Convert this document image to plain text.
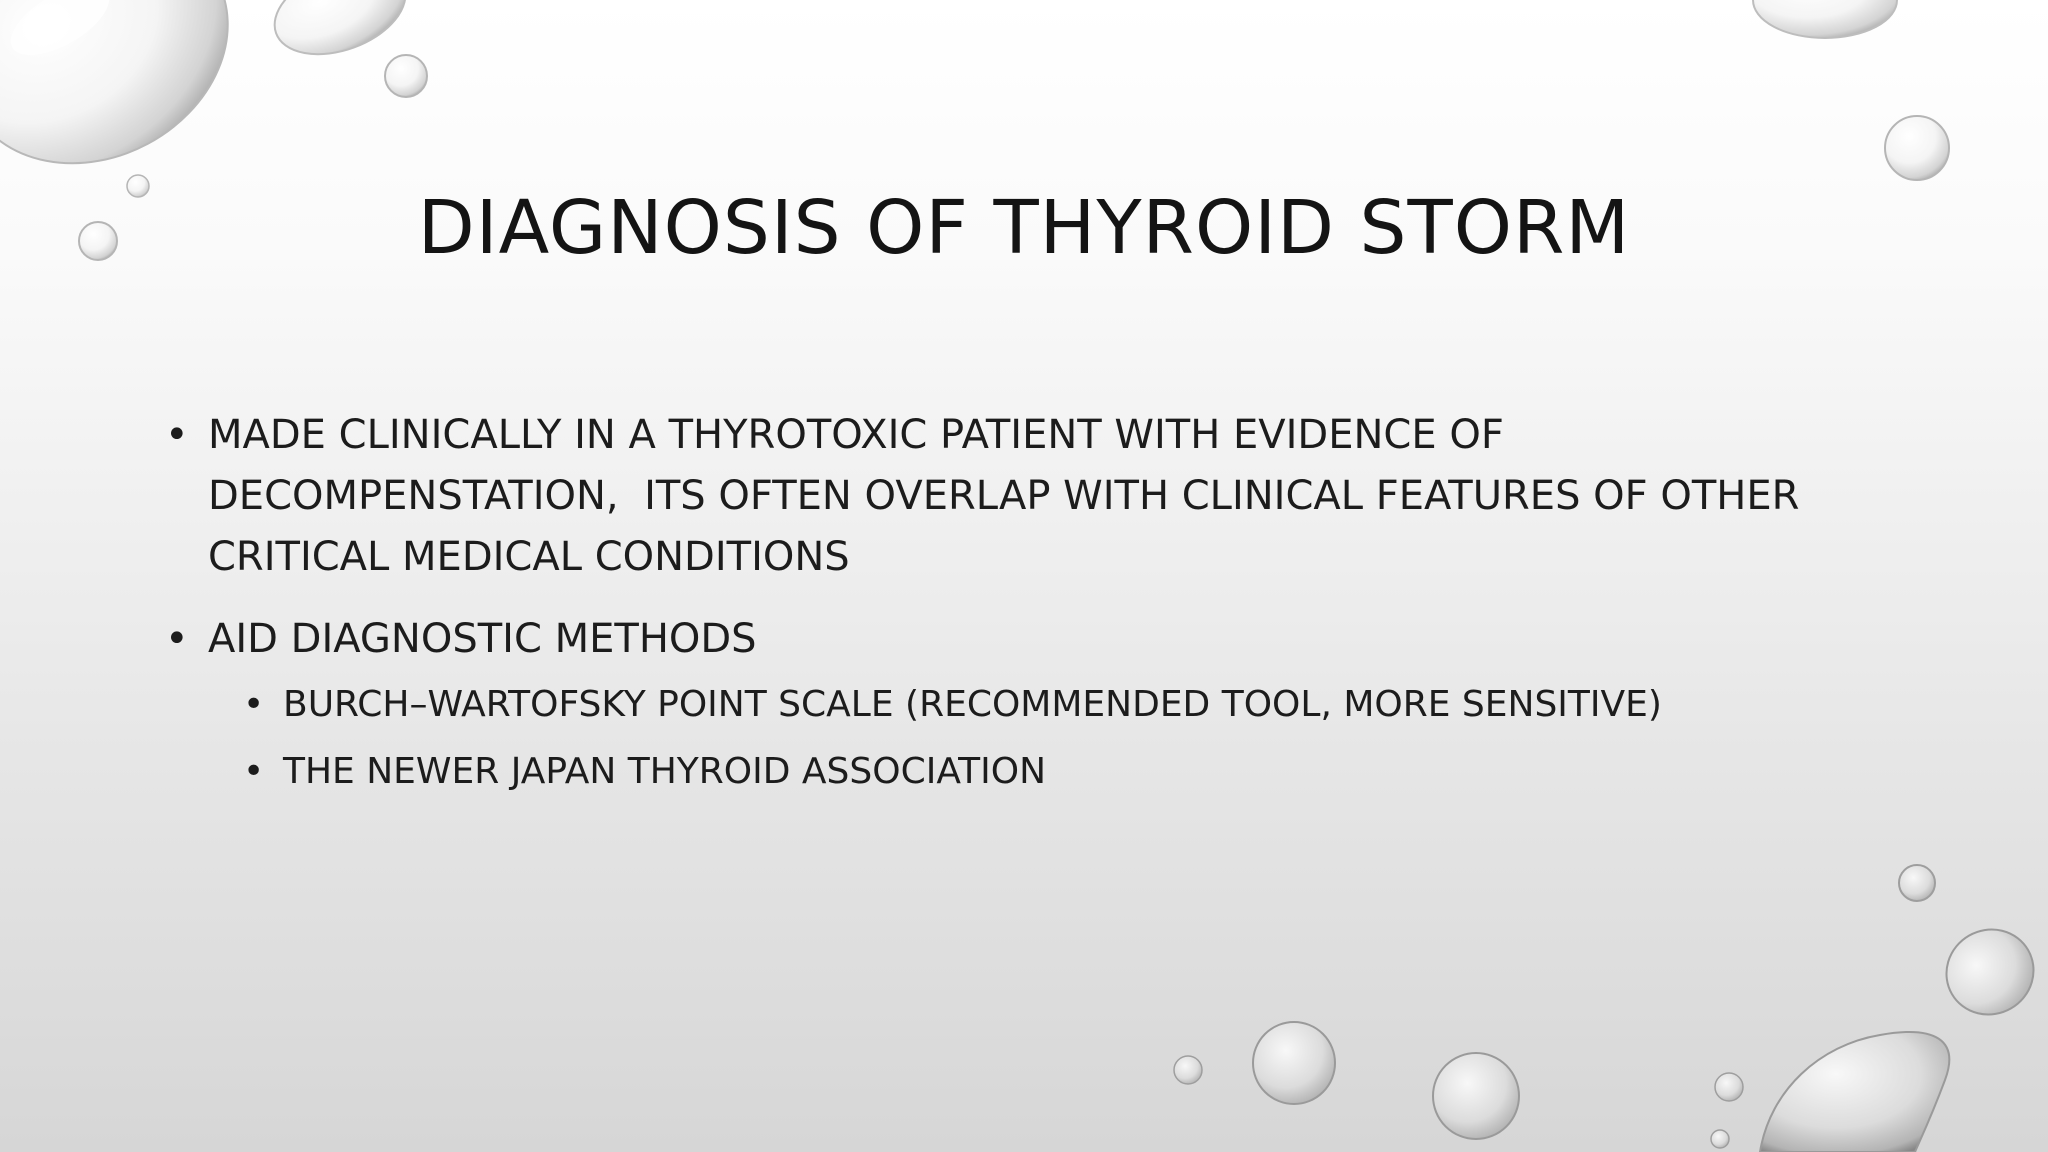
DIAGNOSIS OF THYROID STORM
• MADE CLINICALLY IN A THYROTOXIC PATIENT WITH EVIDENCE OF
DECOMPENSTATION,  ITS OFTEN OVERLAP WITH CLINICAL FEATURES OF OTHER
CRITICAL MEDICAL CONDITIONS
• AID DIAGNOSTIC METHODS
• BURCH–WARTOFSKY POINT SCALE (RECOMMENDED TOOL, MORE SENSITIVE)
• THE NEWER JAPAN THYROID ASSOCIATION
